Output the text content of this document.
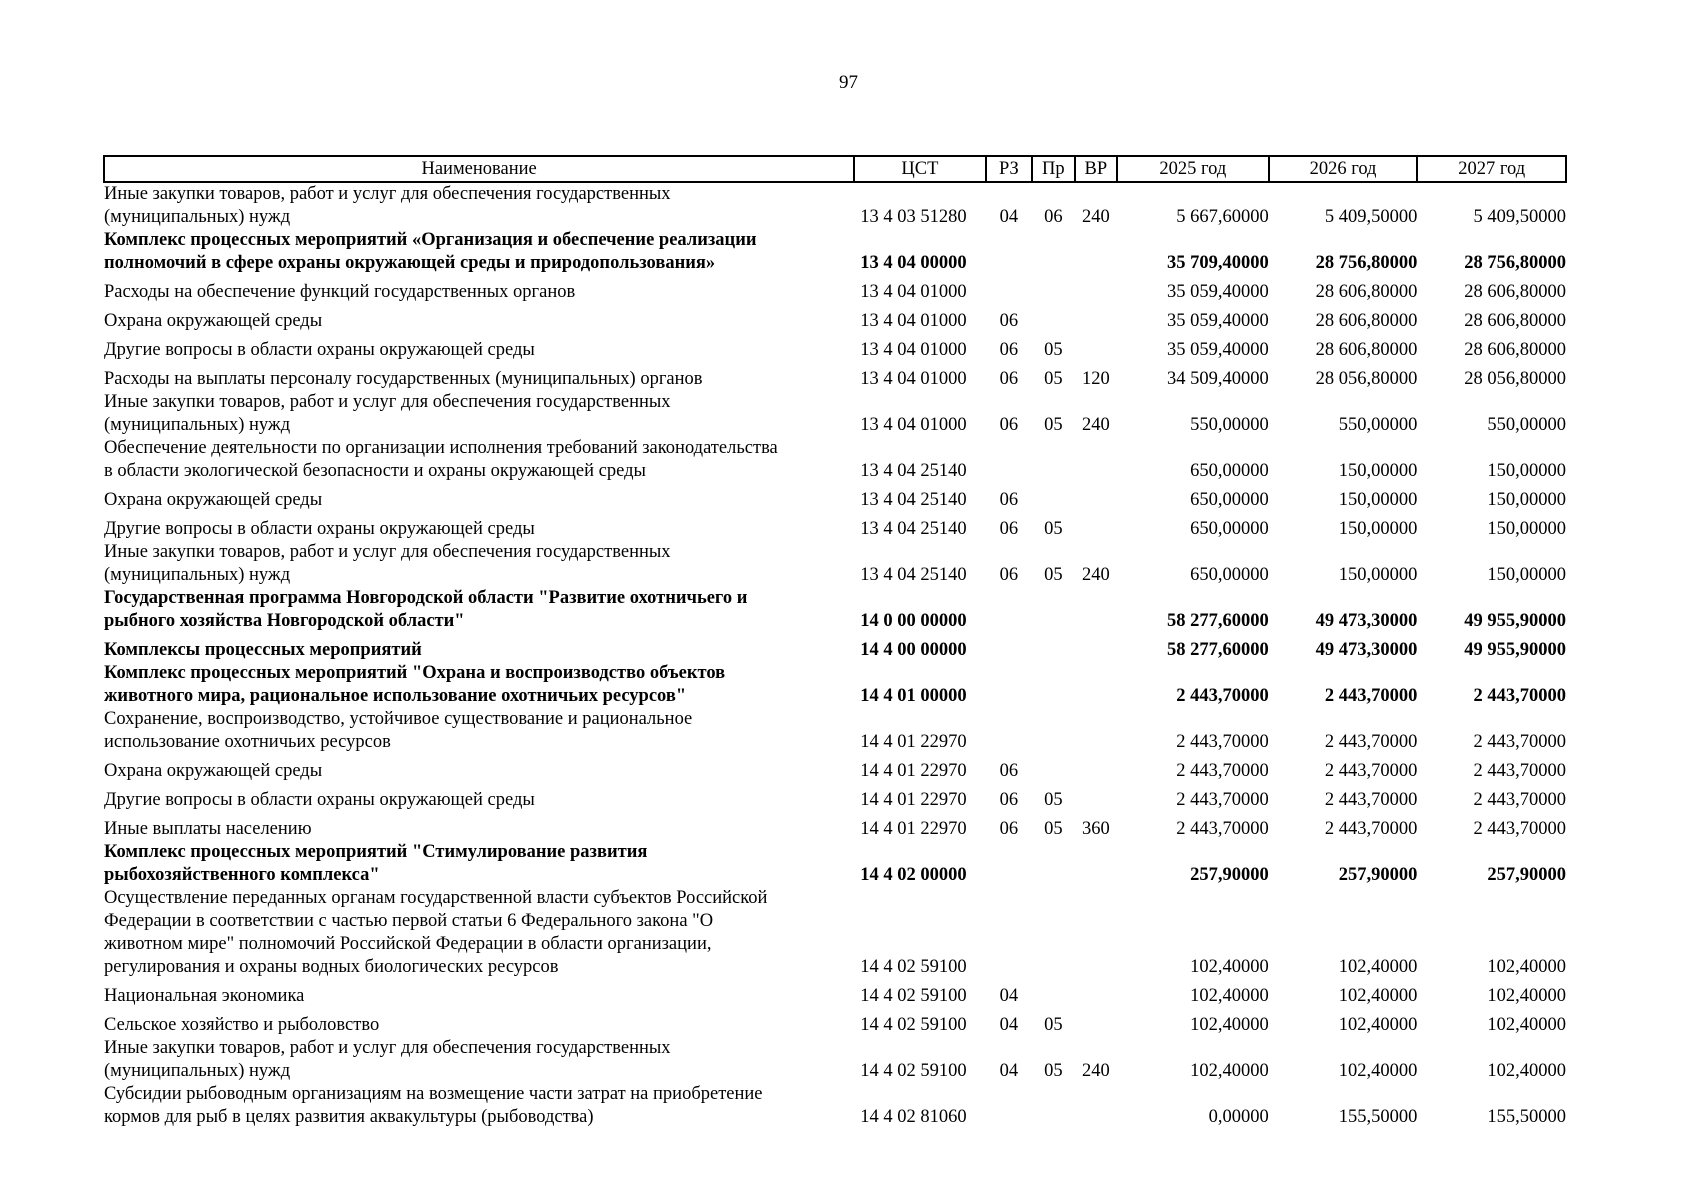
97
Наименование	ЦСТ	РЗ	Пр	ВР	2025 год	2026 год	2027 год
Иные закупки товаров, работ и услуг для обеспечения государственных
(муниципальных) нужд	13 4 03 51280	04	06	240	5 667,60000	5 409,50000	5 409,50000
Комплекс процессных мероприятий «Организация и обеспечение реализации
полномочий в сфере охраны окружающей среды и природопользования»	13 4 04 00000				35 709,40000	28 756,80000	28 756,80000
Расходы на обеспечение функций государственных органов	13 4 04 01000				35 059,40000	28 606,80000	28 606,80000
Охрана окружающей среды	13 4 04 01000	06			35 059,40000	28 606,80000	28 606,80000
Другие вопросы в области охраны окружающей среды	13 4 04 01000	06	05		35 059,40000	28 606,80000	28 606,80000
Расходы на выплаты персоналу государственных (муниципальных) органов	13 4 04 01000	06	05	120	34 509,40000	28 056,80000	28 056,80000
Иные закупки товаров, работ и услуг для обеспечения государственных
(муниципальных) нужд	13 4 04 01000	06	05	240	550,00000	550,00000	550,00000
Обеспечение деятельности по организации исполнения требований законодательства
в области экологической безопасности и охраны окружающей среды	13 4 04 25140				650,00000	150,00000	150,00000
Охрана окружающей среды	13 4 04 25140	06			650,00000	150,00000	150,00000
Другие вопросы в области охраны окружающей среды	13 4 04 25140	06	05		650,00000	150,00000	150,00000
Иные закупки товаров, работ и услуг для обеспечения государственных
(муниципальных) нужд	13 4 04 25140	06	05	240	650,00000	150,00000	150,00000
Государственная программа Новгородской области "Развитие охотничьего и
рыбного хозяйства Новгородской области"	14 0 00 00000				58 277,60000	49 473,30000	49 955,90000
Комплексы процессных мероприятий	14 4 00 00000				58 277,60000	49 473,30000	49 955,90000
Комплекс процессных мероприятий "Охрана и воспроизводство объектов
животного мира, рациональное использование охотничьих ресурсов"	14 4 01 00000				2 443,70000	2 443,70000	2 443,70000
Сохранение, воспроизводство, устойчивое существование и рациональное
использование охотничьих ресурсов	14 4 01 22970				2 443,70000	2 443,70000	2 443,70000
Охрана окружающей среды	14 4 01 22970	06			2 443,70000	2 443,70000	2 443,70000
Другие вопросы в области охраны окружающей среды	14 4 01 22970	06	05		2 443,70000	2 443,70000	2 443,70000
Иные выплаты населению	14 4 01 22970	06	05	360	2 443,70000	2 443,70000	2 443,70000
Комплекс процессных мероприятий "Стимулирование развития
рыбохозяйственного комплекса"	14 4 02 00000				257,90000	257,90000	257,90000
Осуществление переданных органам государственной власти субъектов Российской
Федерации в соответствии с частью первой статьи 6 Федерального закона "О
животном мире" полномочий Российской Федерации в области организации,
регулирования и охраны водных биологических ресурсов	14 4 02 59100				102,40000	102,40000	102,40000
Национальная экономика	14 4 02 59100	04			102,40000	102,40000	102,40000
Сельское хозяйство и рыболовство	14 4 02 59100	04	05		102,40000	102,40000	102,40000
Иные закупки товаров, работ и услуг для обеспечения государственных
(муниципальных) нужд	14 4 02 59100	04	05	240	102,40000	102,40000	102,40000
Субсидии рыбоводным организациям на возмещение части затрат на приобретение
кормов для рыб в целях развития аквакультуры (рыбоводства)	14 4 02 81060				0,00000	155,50000	155,50000
